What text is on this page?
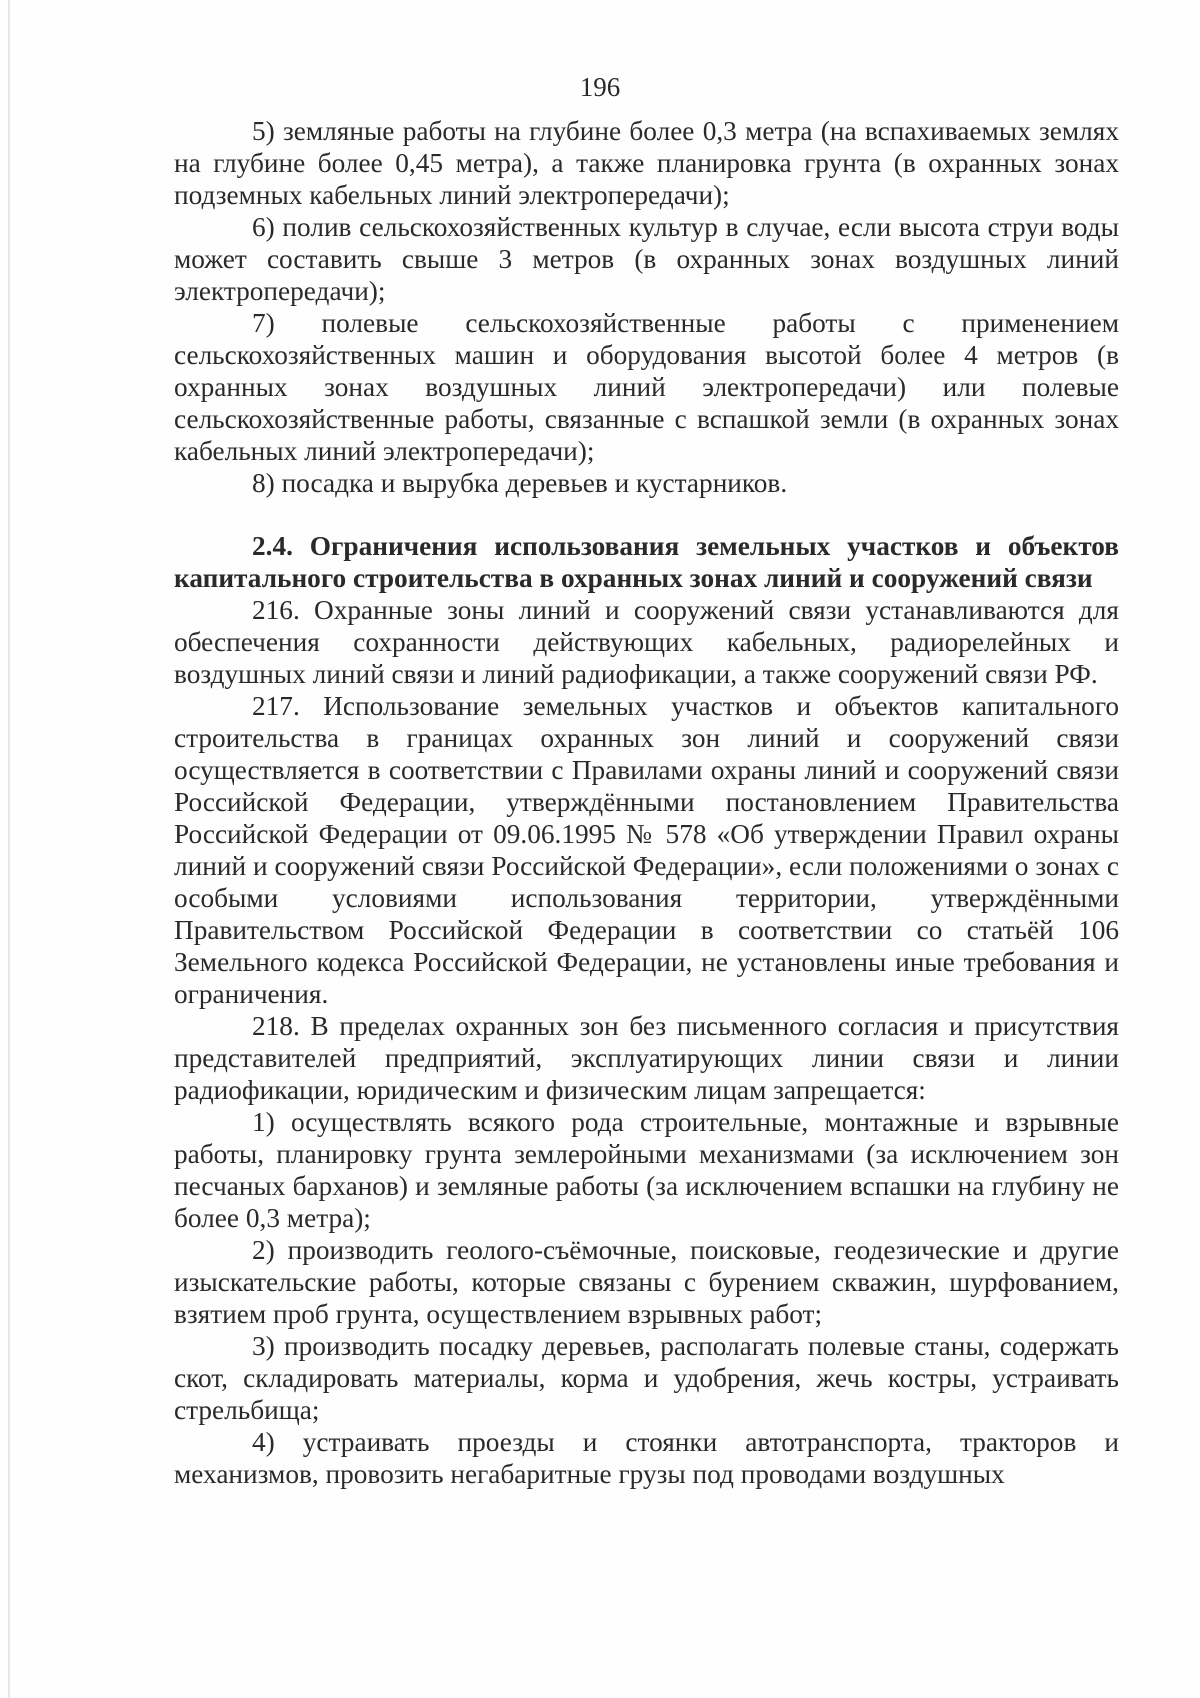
196

5) земляные работы на глубине более 0,3 метра (на вспахиваемых землях на глубине более 0,45 метра), а также планировка грунта (в охранных зонах подземных кабельных линий электропередачи);

6) полив сельскохозяйственных культур в случае, если высота струи воды может составить свыше 3 метров (в охранных зонах воздушных линий электропередачи);

7) полевые сельскохозяйственные работы с применением сельскохозяйственных машин и оборудования высотой более 4 метров (в охранных зонах воздушных линий электропередачи) или полевые сельскохозяйственные работы, связанные с вспашкой земли (в охранных зонах кабельных линий электропередачи);

8) посадка и вырубка деревьев и кустарников.

2.4. Ограничения использования земельных участков и объектов капитального строительства в охранных зонах линий и сооружений связи

216. Охранные зоны линий и сооружений связи устанавливаются для обеспечения сохранности действующих кабельных, радиорелейных и воздушных линий связи и линий радиофикации, а также сооружений связи РФ.

217. Использование земельных участков и объектов капитального строительства в границах охранных зон линий и сооружений связи осуществляется в соответствии с Правилами охраны линий и сооружений связи Российской Федерации, утверждёнными постановлением Правительства Российской Федерации от 09.06.1995 № 578 «Об утверждении Правил охраны линий и сооружений связи Российской Федерации», если положениями о зонах с особыми условиями использования территории, утверждёнными Правительством Российской Федерации в соответствии со статьёй 106 Земельного кодекса Российской Федерации, не установлены иные требования и ограничения.

218. В пределах охранных зон без письменного согласия и присутствия представителей предприятий, эксплуатирующих линии связи и линии радиофикации, юридическим и физическим лицам запрещается:

1) осуществлять всякого рода строительные, монтажные и взрывные работы, планировку грунта землеройными механизмами (за исключением зон песчаных барханов) и земляные работы (за исключением вспашки на глубину не более 0,3 метра);

2) производить геолого-съёмочные, поисковые, геодезические и другие изыскательские работы, которые связаны с бурением скважин, шурфованием, взятием проб грунта, осуществлением взрывных работ;

3) производить посадку деревьев, располагать полевые станы, содержать скот, складировать материалы, корма и удобрения, жечь костры, устраивать стрельбища;

4) устраивать проезды и стоянки автотранспорта, тракторов и механизмов, провозить негабаритные грузы под проводами воздушных
